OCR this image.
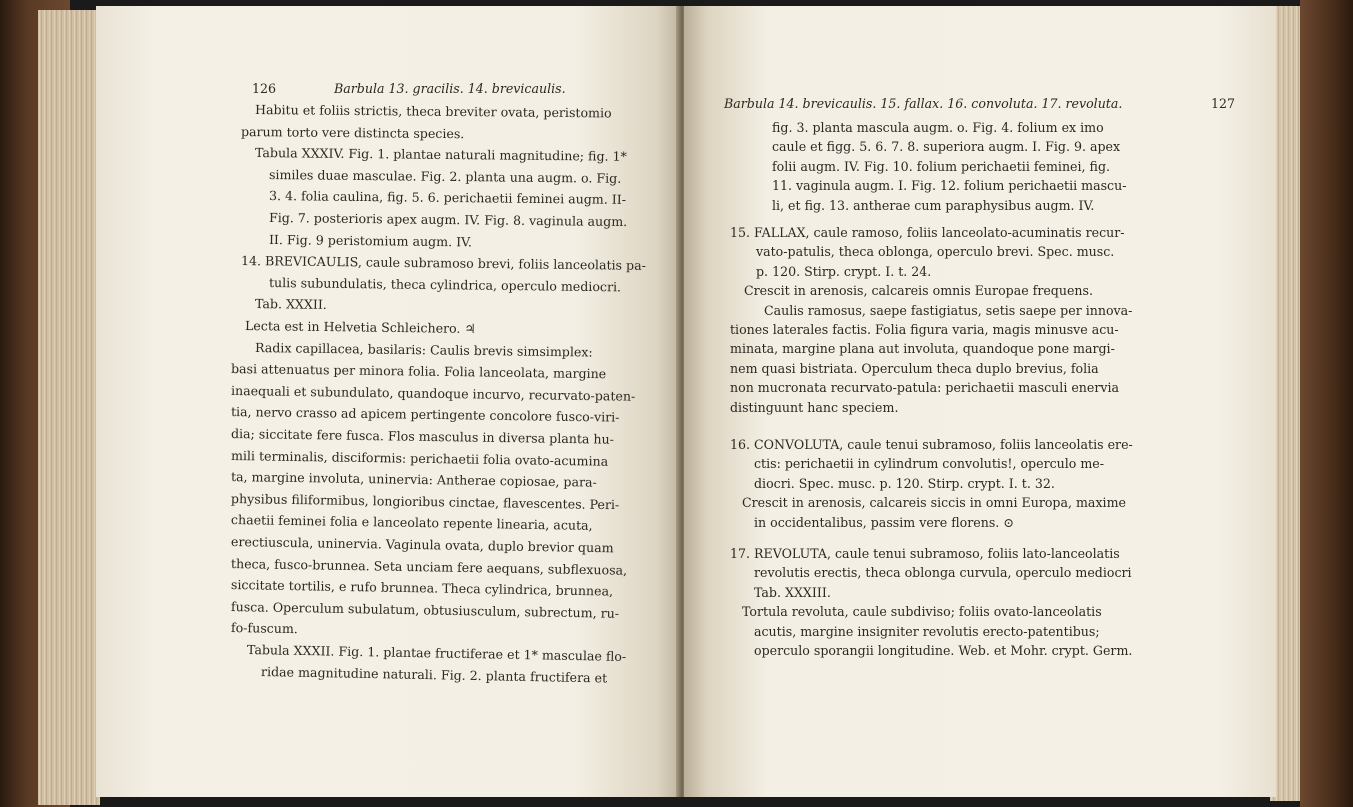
126	Barbula 13. gracilis. 14. brevicaulis.
Habitu et foliis strictis, theca breviter ovata, peristomio
parum torto vere distincta species.
Tabula XXXIV. Fig. 1. plantae naturali magnitudine; fig. 1*
similes duae masculae. Fig. 2. planta una augm. o. Fig.
3. 4. folia caulina, fig. 5. 6. perichaetii feminei augm. II-
Fig. 7. posterioris apex augm. IV. Fig. 8. vaginula augm.
II. Fig. 9 peristomium augm. IV.
14. BREVICAULIS, caule subramoso brevi, foliis lanceolatis pa-
tulis subundulatis, theca cylindrica, operculo mediocri.
Tab. XXXII.
Lecta est in Helvetia Schleichero. ♃
Radix capillacea, basilaris: Caulis brevis simsimplex:
basi attenuatus per minora folia. Folia lanceolata, margine
inaequali et subundulato, quandoque incurvo, recurvato-paten-
tia, nervo crasso ad apicem pertingente concolore fusco-viri-
dia; siccitate fere fusca. Flos masculus in diversa planta hu-
mili terminalis, disciformis: perichaetii folia ovato-acumina
ta, margine involuta, uninervia: Antherae copiosae, para-
physibus filiformibus, longioribus cinctae, flavescentes. Peri-
chaetii feminei folia e lanceolato repente linearia, acuta,
erectiuscula, uninervia. Vaginula ovata, duplo brevior quam
theca, fusco-brunnea. Seta unciam fere aequans, subflexuosa,
siccitate tortilis, e rufo brunnea. Theca cylindrica, brunnea,
fusca. Operculum subulatum, obtusiusculum, subrectum, ru-
fo-fuscum.
Tabula XXXII. Fig. 1. plantae fructiferae et 1* masculae flo-
ridae magnitudine naturali. Fig. 2. planta fructifera et
Barbula 14. brevicaulis. 15. fallax. 16. convoluta. 17. revoluta.	127
fig. 3. planta mascula augm. o. Fig. 4. folium ex imo
caule et figg. 5. 6. 7. 8. superiora augm. I. Fig. 9. apex
folii augm. IV. Fig. 10. folium perichaetii feminei, fig.
11. vaginula augm. I. Fig. 12. folium perichaetii mascu-
li, et fig. 13. antherae cum paraphysibus augm. IV.
15. FALLAX, caule ramoso, foliis lanceolato-acuminatis recur-
vato-patulis, theca oblonga, operculo brevi. Spec. musc.
p. 120. Stirp. crypt. I. t. 24.
Crescit in arenosis, calcareis omnis Europae frequens.
Caulis ramosus, saepe fastigiatus, setis saepe per innova-
tiones laterales factis. Folia figura varia, magis minusve acu-
minata, margine plana aut involuta, quandoque pone margi-
nem quasi bistriata. Operculum theca duplo brevius, folia
non mucronata recurvato-patula: perichaetii masculi enervia
distinguunt hanc speciem.
16. CONVOLUTA, caule tenui subramoso, foliis lanceolatis ere-
ctis: perichaetii in cylindrum convolutis!, operculo me-
diocri. Spec. musc. p. 120. Stirp. crypt. I. t. 32.
Crescit in arenosis, calcareis siccis in omni Europa, maxime
in occidentalibus, passim vere florens. ⊙
17. REVOLUTA, caule tenui subramoso, foliis lato-lanceolatis
revolutis erectis, theca oblonga curvula, operculo mediocri
Tab. XXXIII.
Tortula revoluta, caule subdiviso; foliis ovato-lanceolatis
acutis, margine insigniter revolutis erecto-patentibus;
operculo sporangii longitudine. Web. et Mohr. crypt. Germ.
